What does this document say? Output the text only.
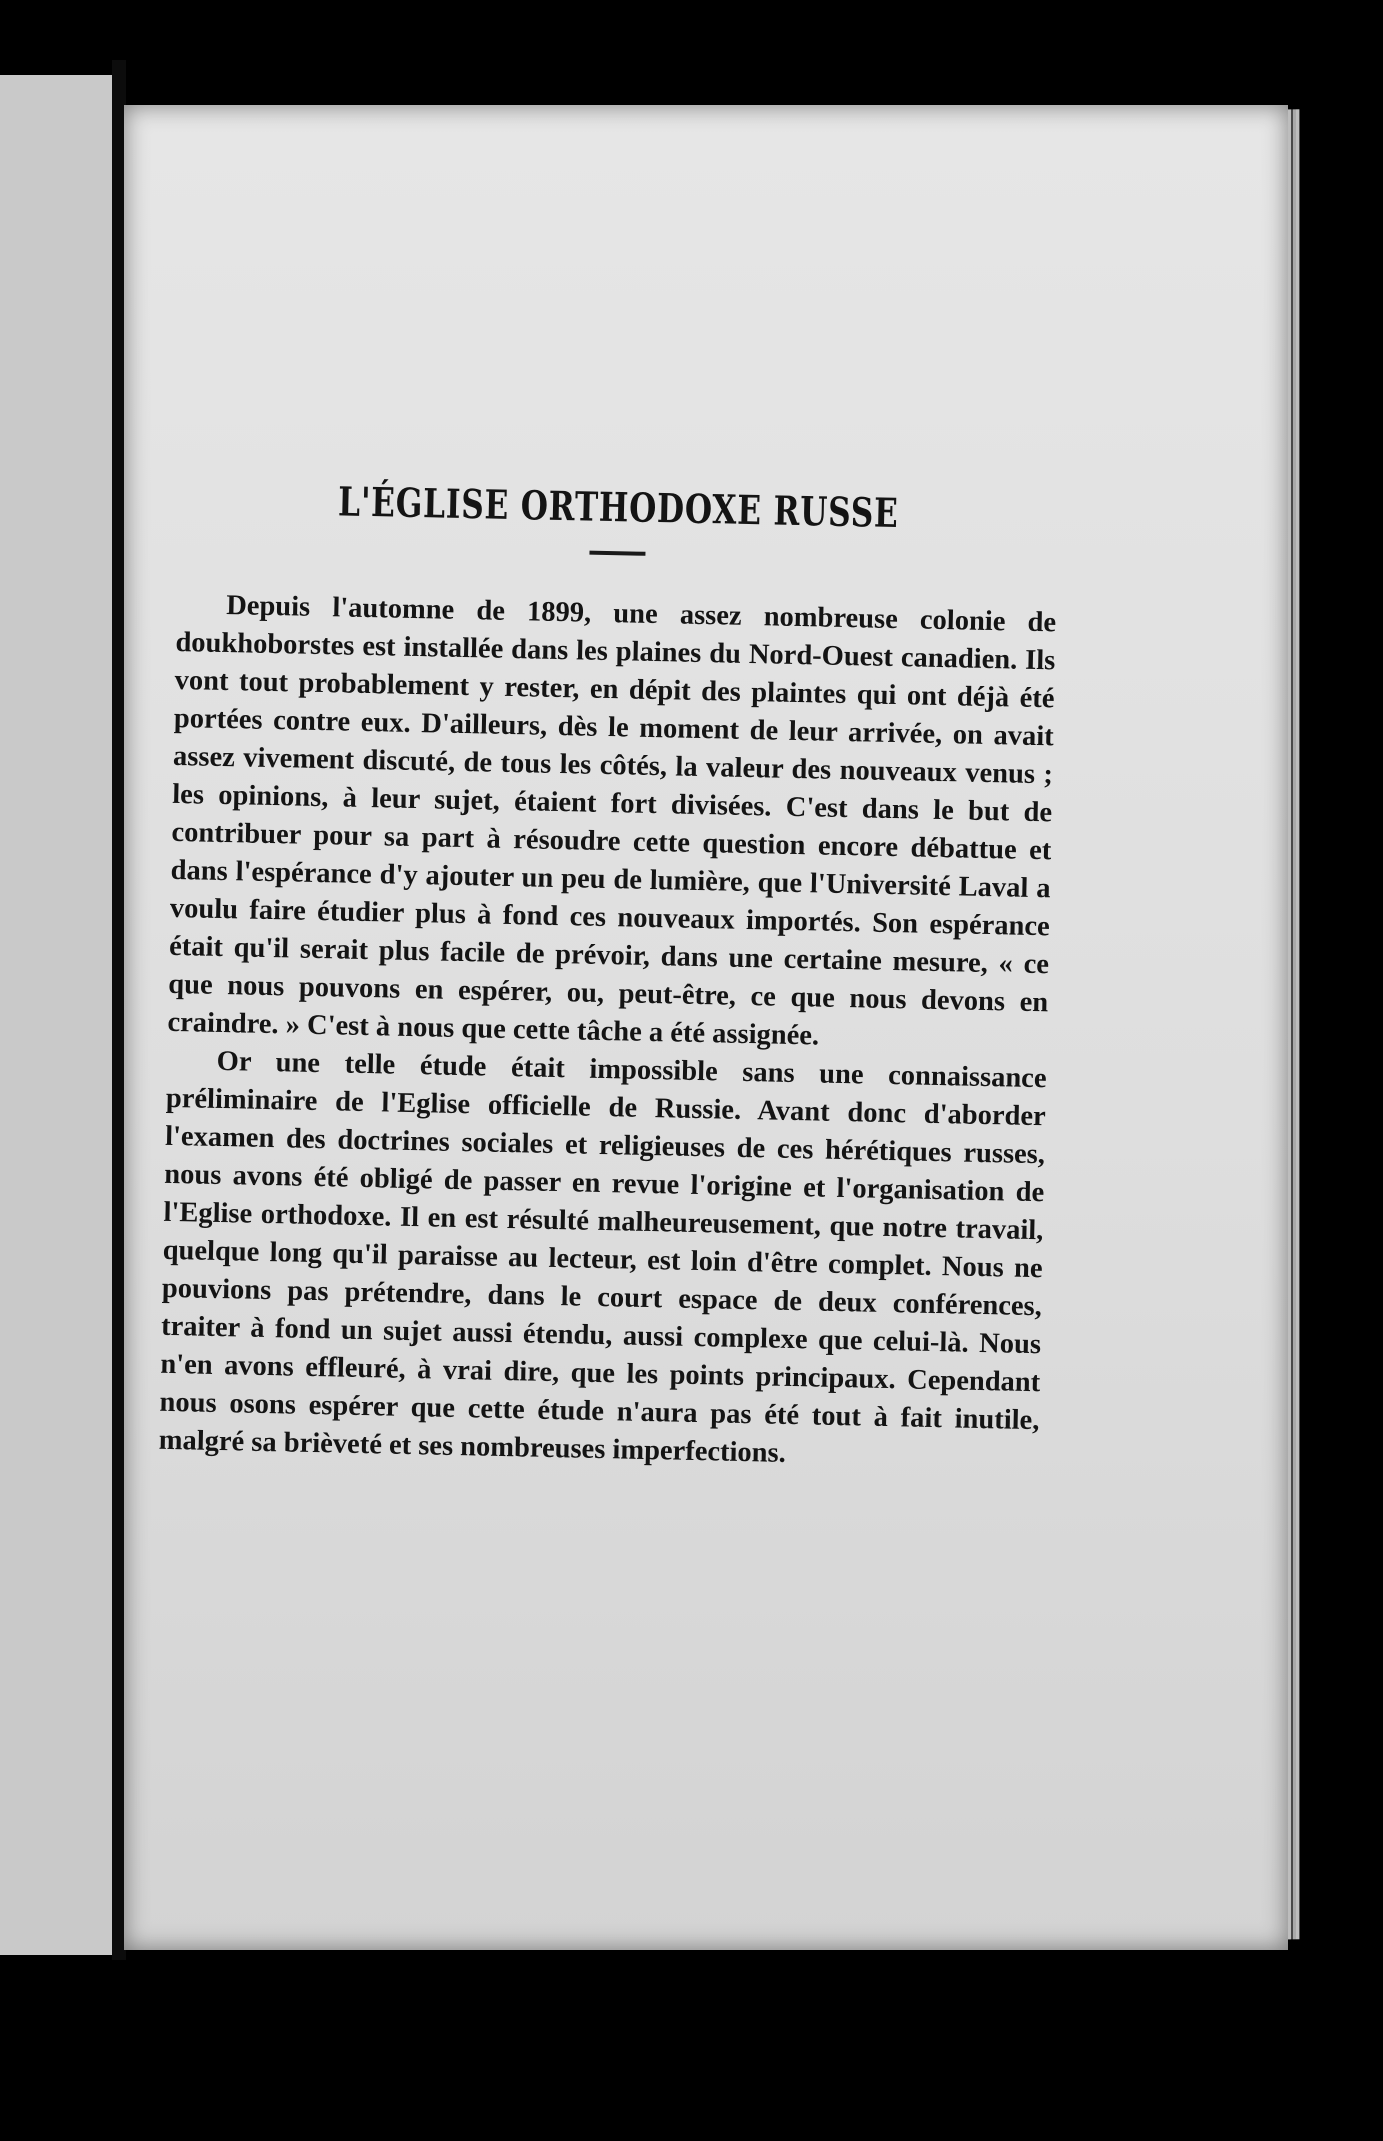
L'ÉGLISE ORTHODOXE RUSSE

Depuis l'automne de 1899, une assez nombreuse colonie de doukhoborstes est installée dans les plaines du Nord-Ouest canadien. Ils vont tout probablement y rester, en dépit des plaintes qui ont déjà été portées contre eux. D'ailleurs, dès le moment de leur arrivée, on avait assez vivement discuté, de tous les côtés, la valeur des nouveaux venus ; les opinions, à leur sujet, étaient fort divisées. C'est dans le but de contribuer pour sa part à résoudre cette question encore débattue et dans l'espérance d'y ajouter un peu de lumière, que l'Université Laval a voulu faire étudier plus à fond ces nouveaux importés. Son espérance était qu'il serait plus facile de prévoir, dans une certaine mesure, « ce que nous pouvons en espérer, ou, peut-être, ce que nous devons en craindre. » C'est à nous que cette tâche a été assignée.

Or une telle étude était impossible sans une connaissance préliminaire de l'Eglise officielle de Russie. Avant donc d'aborder l'examen des doctrines sociales et religieuses de ces hérétiques russes, nous avons été obligé de passer en revue l'origine et l'organisation de l'Eglise orthodoxe. Il en est résulté malheureusement, que notre travail, quelque long qu'il paraisse au lecteur, est loin d'être complet. Nous ne pouvions pas prétendre, dans le court espace de deux conférences, traiter à fond un sujet aussi étendu, aussi complexe que celui-là. Nous n'en avons effleuré, à vrai dire, que les points principaux. Cependant nous osons espérer que cette étude n'aura pas été tout à fait inutile, malgré sa brièveté et ses nombreuses imperfections.
